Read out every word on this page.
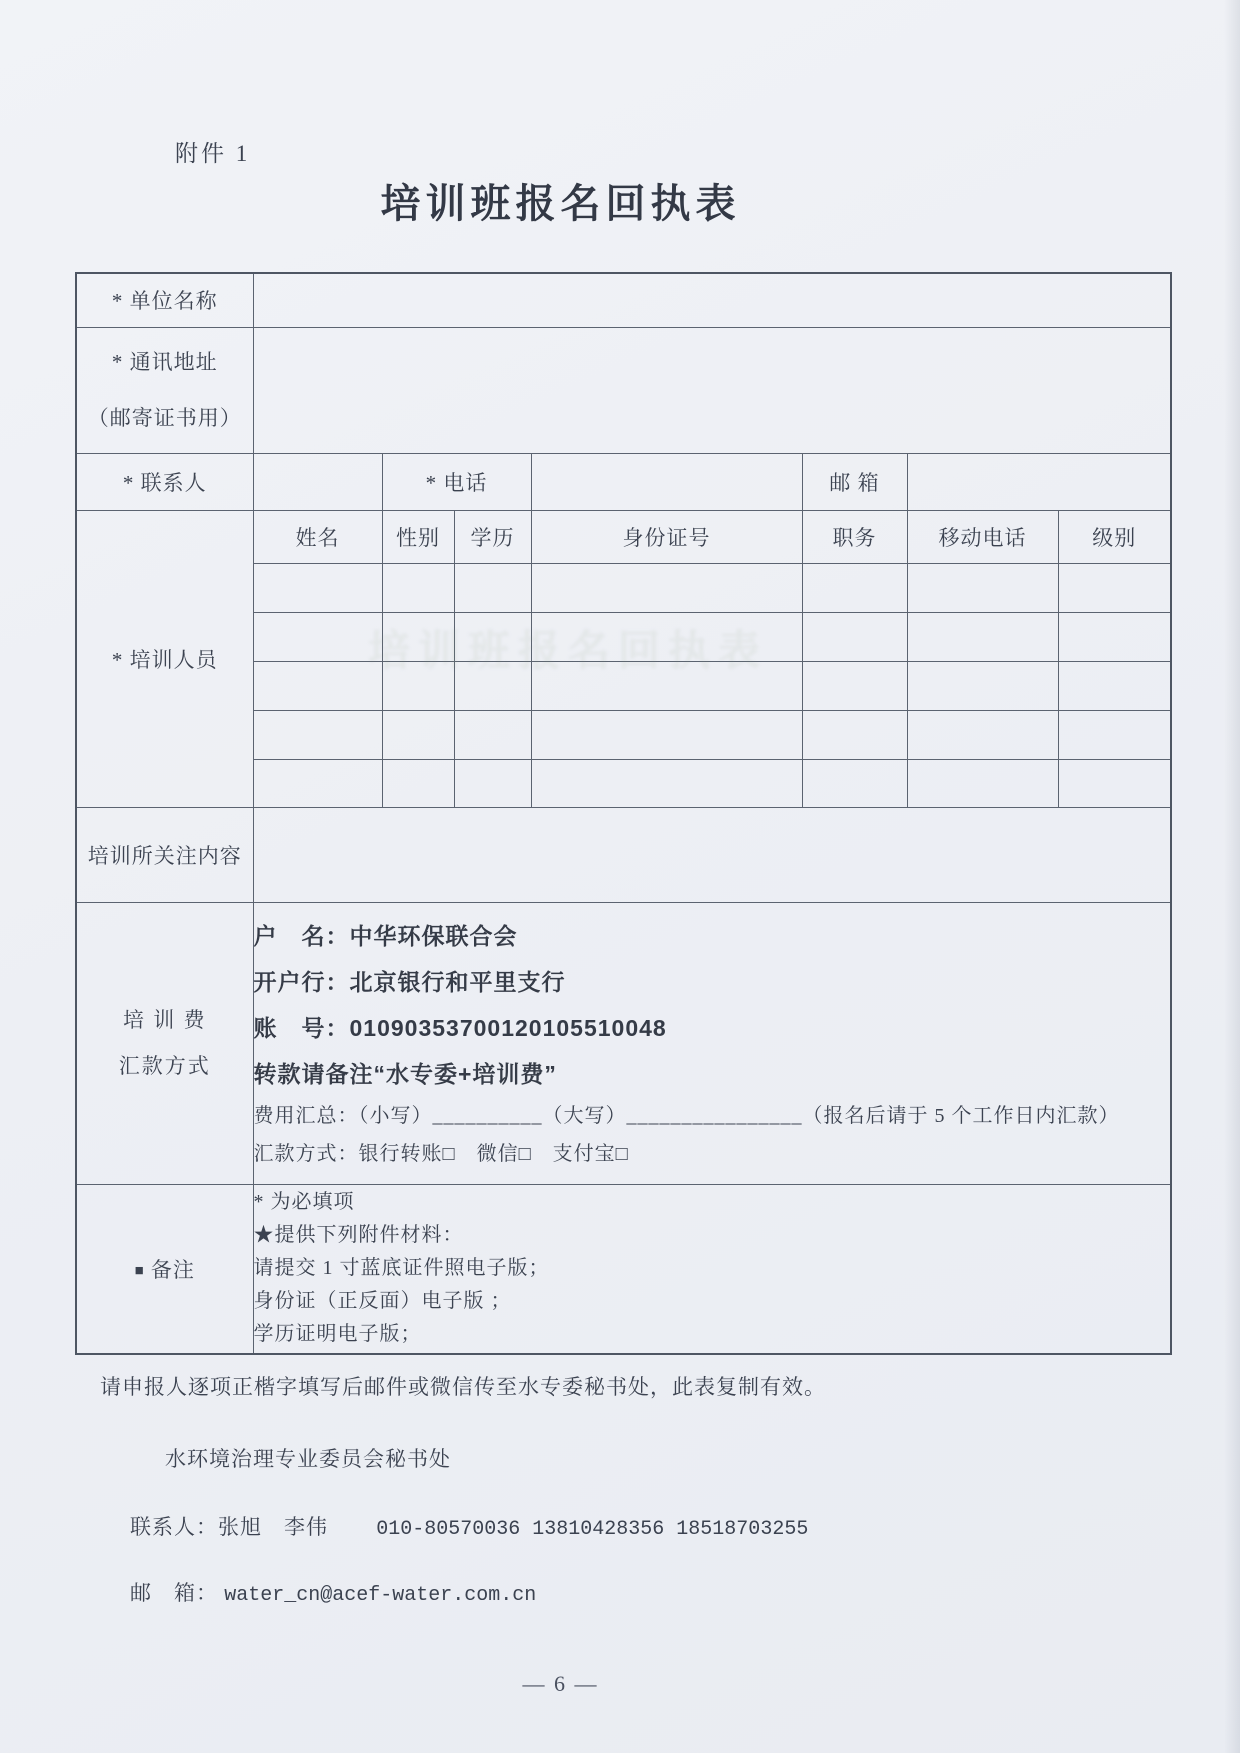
附件 1
培训班报名回执表
培训班报名回执表
* 单位名称							

* 通讯地址
（邮寄证书用）							

* 联系人		* 电话			邮 箱		
* 培训人员	姓名	性别	学历	身份证号	职务	移动电话	级别

培训所关注内容							

培 训 费
汇款方式

户　名：中华环保联合会
开户行：北京银行和平里支行
账　号：01090353700120105510048
转款请备注“水专委+培训费”
费用汇总：（小写）__________（大写）________________（报名后请于 5 个工作日内汇款）
汇款方式：银行转账□　微信□　支付宝□

■ 备注	* 为必填项
★提供下列附件材料：
请提交 1 寸蓝底证件照电子版；
身份证（正反面）电子版 ；
学历证明电子版；						
请申报人逐项正楷字填写后邮件或微信传至水专委秘书处，此表复制有效。
水环境治理专业委员会秘书处
联系人：张旭　李伟 010-80570036 13810428356 18518703255
邮　箱： water_cn@acef-water.com.cn
— 6 —
